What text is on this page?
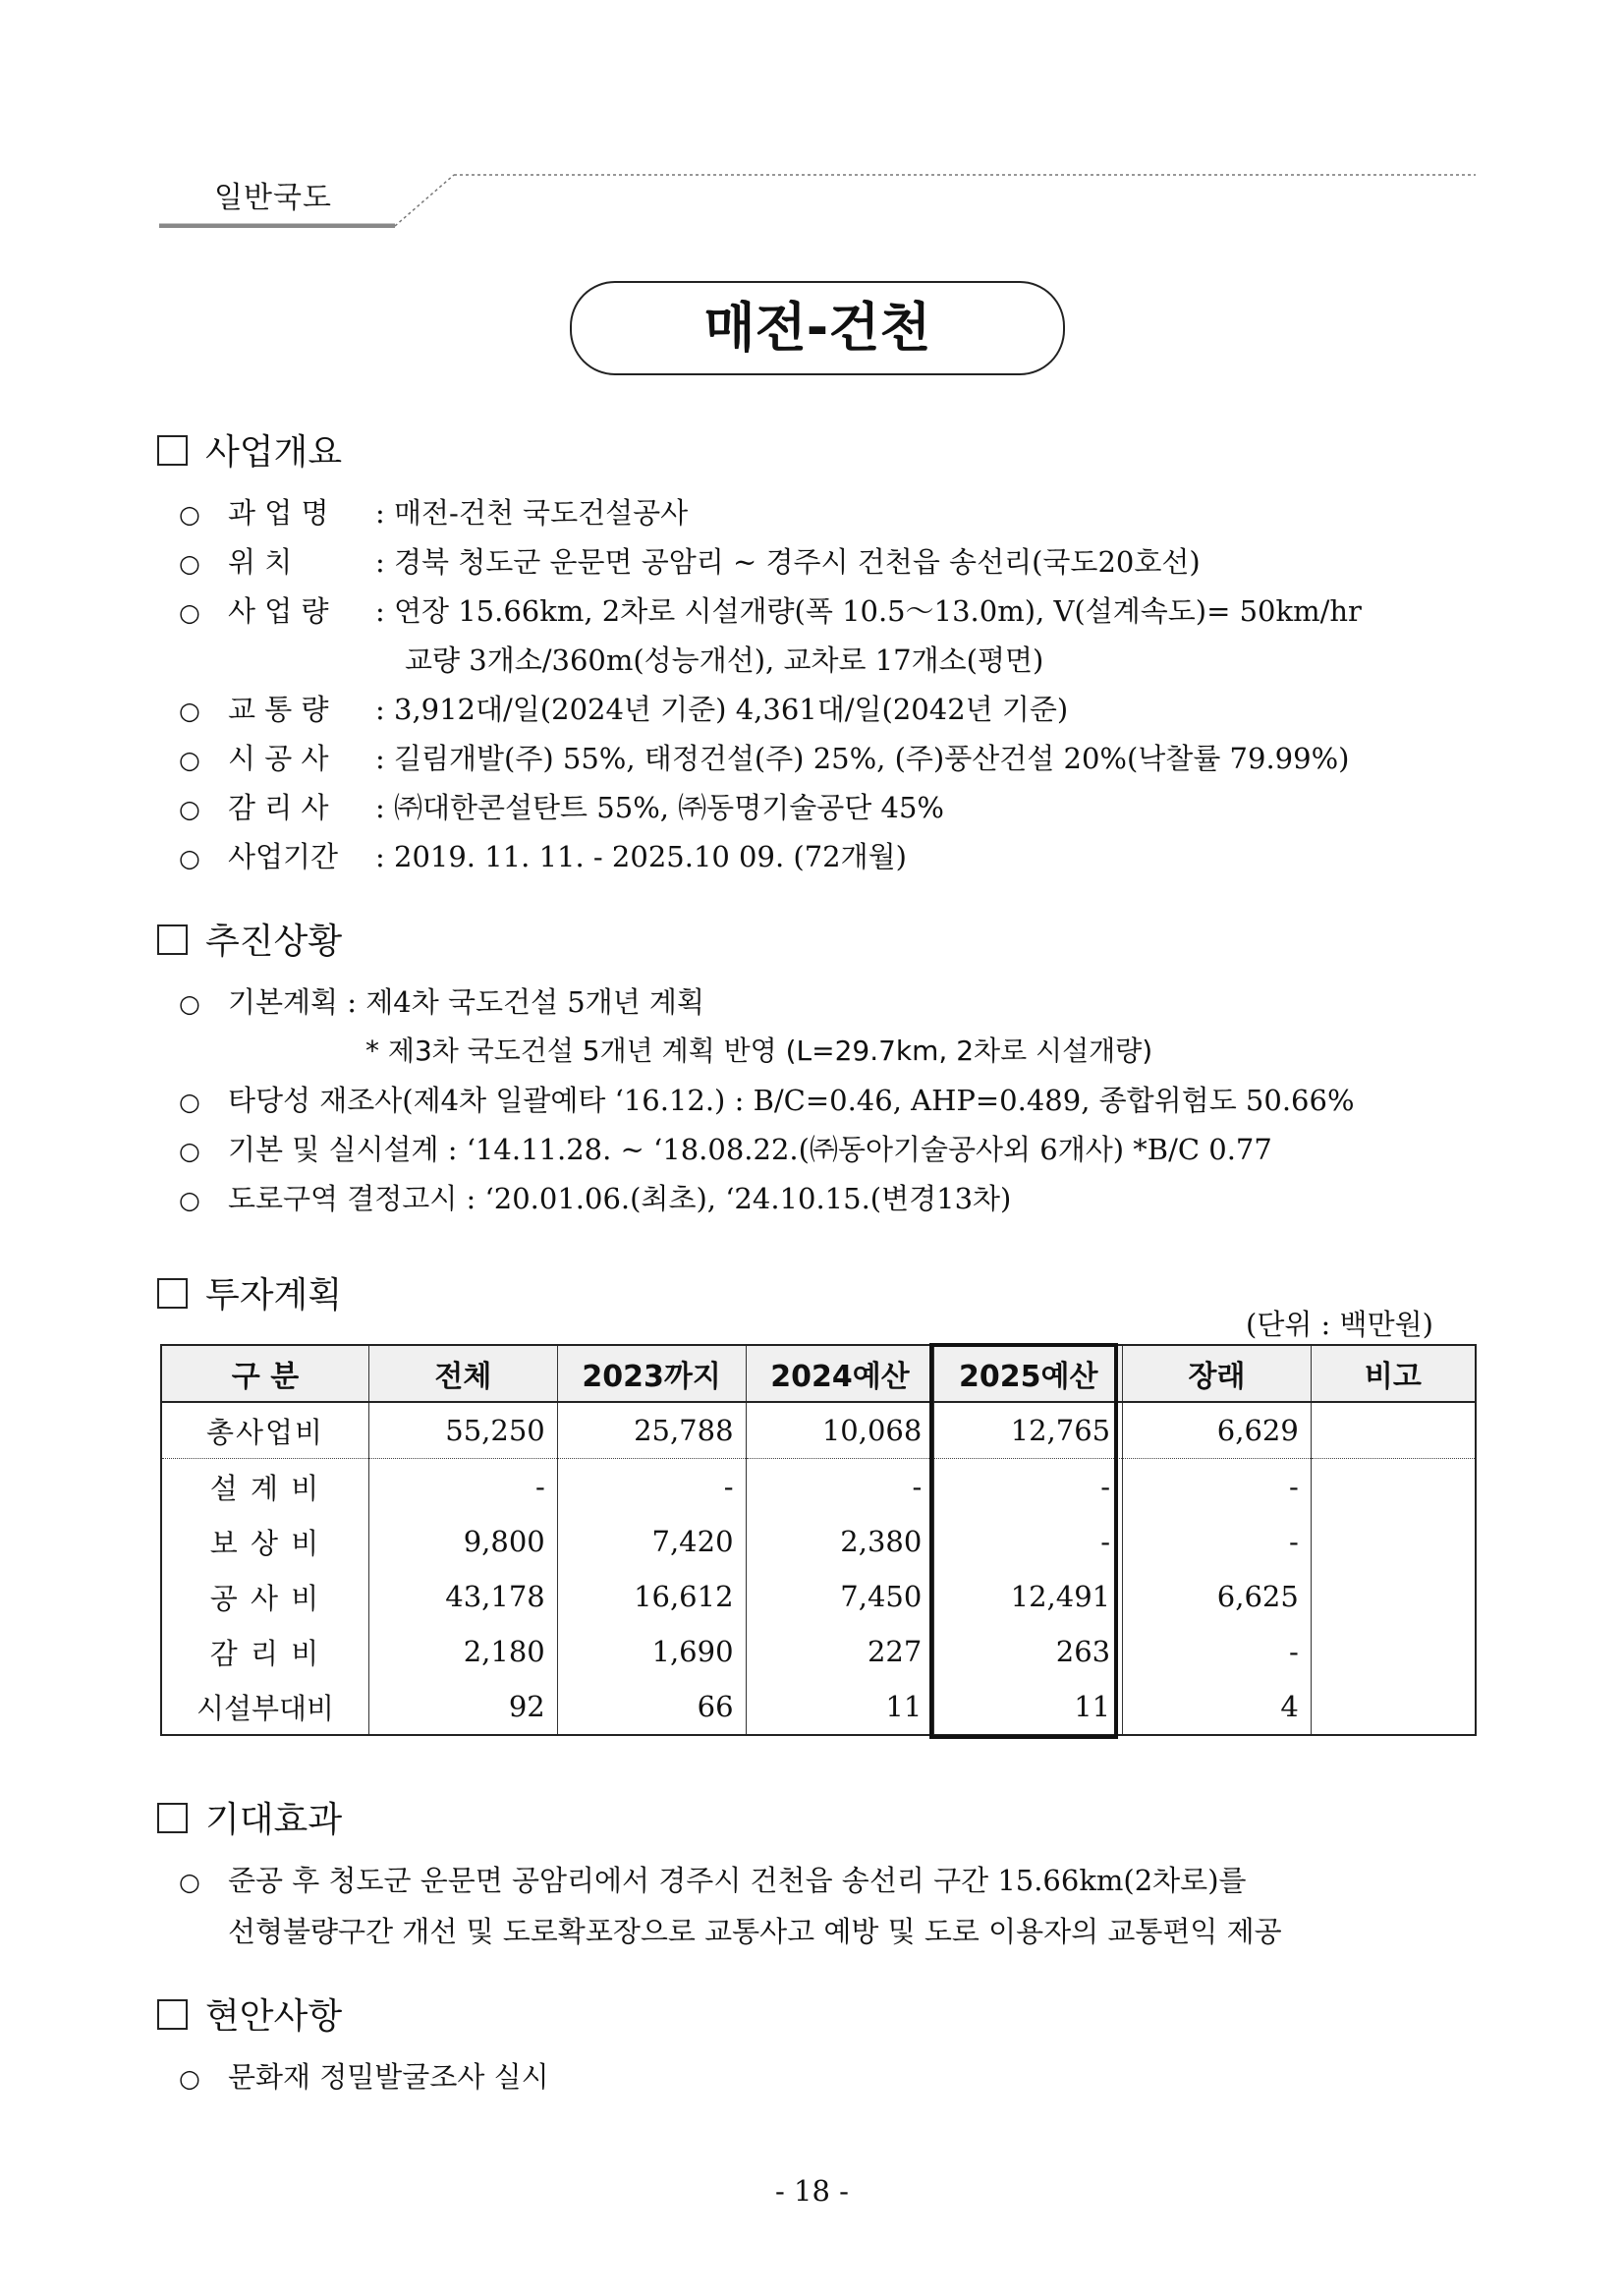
일반국도
매전-건천
사업개요
○ 과 업 명 : 매전-건천 국도건설공사
○ 위 치	: 경북 청도군 운문면 공암리 ~ 경주시 건천읍 송선리(국도20호선)
○ 사 업 량 : 연장 15.66km, 2차로 시설개량(폭 10.5～13.0m), V(설계속도)= 50km/hr
교량 3개소/360m(성능개선), 교차로 17개소(평면)
○ 교 통 량 : 3,912대/일(2024년 기준) 4,361대/일(2042년 기준)
○ 시 공 사 : 길림개발(주) 55%, 태정건설(주) 25%, (주)풍산건설 20%(낙찰률 79.99%)
○ 감 리 사 : ㈜대한콘설탄트 55%, ㈜동명기술공단 45%
○ 사업기간 : 2019. 11. 11. - 2025.10 09. (72개월)
추진상황
○ 기본계획 : 제4차 국도건설 5개년 계획
* 제3차 국도건설 5개년 계획 반영 (L=29.7km, 2차로 시설개량)
○ 타당성 재조사(제4차 일괄예타 ‘16.12.) : B/C=0.46, AHP=0.489, 종합위험도 50.66%
○ 기본 및 실시설계 : ‘14.11.28. ~ ‘18.08.22.(㈜동아기술공사외 6개사) *B/C 0.77
○ 도로구역 결정고시 : ‘20.01.06.(최초), ‘24.10.15.(변경13차)
투자계획
(단위 : 백만원)
구 분	전체	2023까지	2024예산	2025예산	장래	비고
총사업비	55,250	25,788	10,068	12,765	6,629	
설 계 비	-	-	-	-	-	
보 상 비	9,800	7,420	2,380	-	-	
공 사 비	43,178	16,612	7,450	12,491	6,625	
감 리 비	2,180	1,690	227	263	-	
시설부대비	92	66	11	11	4	
기대효과
○ 준공 후 청도군 운문면 공암리에서 경주시 건천읍 송선리 구간 15.66km(2차로)를
선형불량구간 개선 및 도로확포장으로 교통사고 예방 및 도로 이용자의 교통편익 제공
현안사항
○ 문화재 정밀발굴조사 실시
- 18 -
